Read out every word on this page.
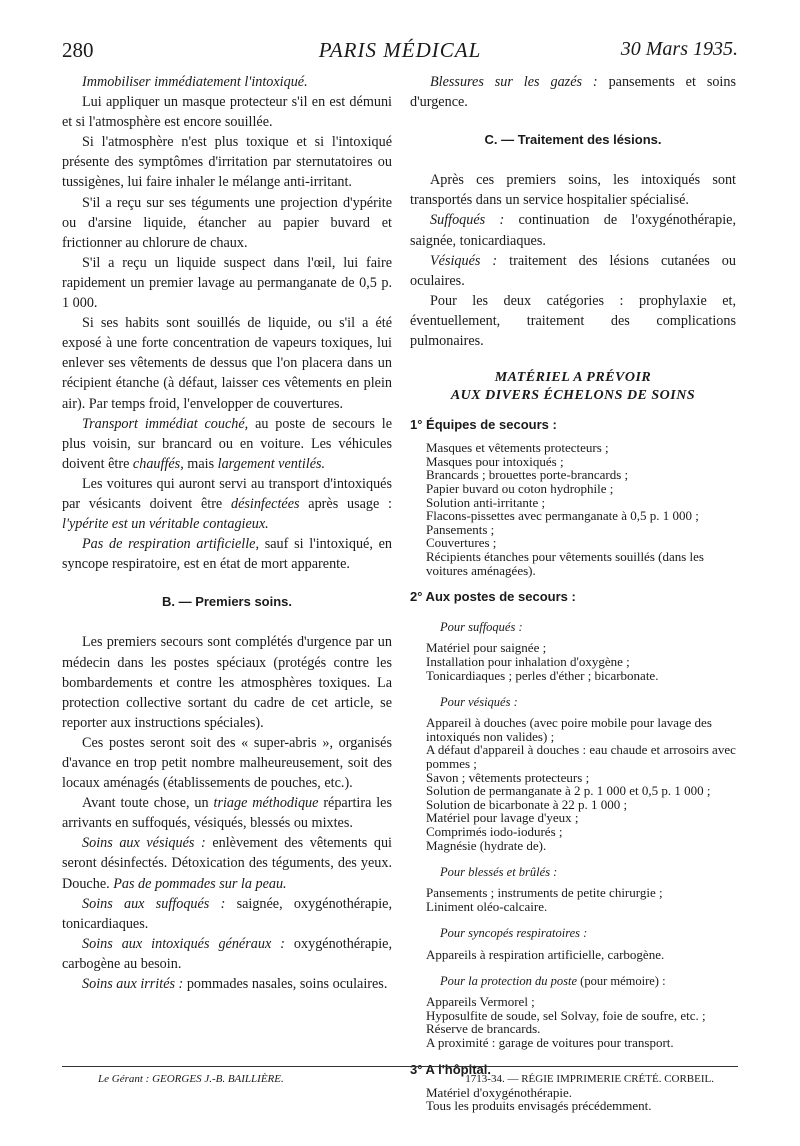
280	PARIS MÉDICAL	30 Mars 1935.

Immobiliser immédiatement l'intoxiqué.

Lui appliquer un masque protecteur s'il en est démuni et si l'atmosphère est encore souillée.

Si l'atmosphère n'est plus toxique et si l'intoxiqué présente des symptômes d'irritation par sternutatoires ou tussigènes, lui faire inhaler le mélange anti-irritant.

S'il a reçu sur ses téguments une projection d'ypérite ou d'arsine liquide, étancher au papier buvard et frictionner au chlorure de chaux.

S'il a reçu un liquide suspect dans l'œil, lui faire rapidement un premier lavage au permanganate de 0,5 p. 1 000.

Si ses habits sont souillés de liquide, ou s'il a été exposé à une forte concentration de vapeurs toxiques, lui enlever ses vêtements de dessus que l'on placera dans un récipient étanche (à défaut, laisser ces vêtements en plein air). Par temps froid, l'envelopper de couvertures.

Transport immédiat couché, au poste de secours le plus voisin, sur brancard ou en voiture. Les véhicules doivent être chauffés, mais largement ventilés.

Les voitures qui auront servi au transport d'intoxiqués par vésicants doivent être désinfectées après usage : l'ypérite est un véritable contagieux.

Pas de respiration artificielle, sauf si l'intoxiqué, en syncope respiratoire, est en état de mort apparente.

B. — Premiers soins.

Les premiers secours sont complétés d'urgence par un médecin dans les postes spéciaux (protégés contre les bombardements et contre les atmosphères toxiques. La protection collective sortant du cadre de cet article, se reporter aux instructions spéciales).

Ces postes seront soit des « super-abris », organisés d'avance en trop petit nombre malheureusement, soit des locaux aménagés (établissements de pouches, etc.).

Avant toute chose, un triage méthodique répartira les arrivants en suffoqués, vésiqués, blessés ou mixtes.

Soins aux vésiqués : enlèvement des vêtements qui seront désinfectés. Détoxication des téguments, des yeux. Douche. Pas de pommades sur la peau.

Soins aux suffoqués : saignée, oxygénothérapie, tonicardiaques.

Soins aux intoxiqués généraux : oxygénothérapie, carbogène au besoin.

Soins aux irrités : pommades nasales, soins oculaires.

Blessures sur les gazés : pansements et soins d'urgence.

C. — Traitement des lésions.

Après ces premiers soins, les intoxiqués sont transportés dans un service hospitalier spécialisé.

Suffoqués : continuation de l'oxygénothérapie, saignée, tonicardiaques.

Vésiqués : traitement des lésions cutanées ou oculaires.

Pour les deux catégories : prophylaxie et, éventuellement, traitement des complications pulmonaires.

MATÉRIEL A PRÉVOIR
AUX DIVERS ÉCHELONS DE SOINS

1° Équipes de secours :

Masques et vêtements protecteurs ;

Masques pour intoxiqués ;

Brancards ; brouettes porte-brancards ;

Papier buvard ou coton hydrophile ;

Solution anti-irritante ;

Flacons-pissettes avec permanganate à 0,5 p. 1 000 ;

Pansements ;

Couvertures ;

Récipients étanches pour vêtements souillés (dans les voitures aménagées).

2° Aux postes de secours :

Pour suffoqués :

Matériel pour saignée ;

Installation pour inhalation d'oxygène ;

Tonicardiaques ; perles d'éther ; bicarbonate.

Pour vésiqués :

Appareil à douches (avec poire mobile pour lavage des intoxiqués non valides) ;

A défaut d'appareil à douches : eau chaude et arrosoirs avec pommes ;

Savon ; vêtements protecteurs ;

Solution de permanganate à 2 p. 1 000 et 0,5 p. 1 000 ;

Solution de bicarbonate à 22 p. 1 000 ;

Matériel pour lavage d'yeux ;

Comprimés iodo-iodurés ;

Magnésie (hydrate de).

Pour blessés et brûlés :

Pansements ; instruments de petite chirurgie ;

Liniment oléo-calcaire.

Pour syncopés respiratoires :

Appareils à respiration artificielle, carbogène.

Pour la protection du poste (pour mémoire) :

Appareils Vermorel ;

Hyposulfite de soude, sel Solvay, foie de soufre, etc. ;

Réserve de brancards.

A proximité : garage de voitures pour transport.

3° A l'hôpital.

Matériel d'oxygénothérapie.

Tous les produits envisagés précédemment.

Le Gérant : GEORGES J.-B. BAILLIÈRE.	1713-34. — RÉGIE IMPRIMERIE CRÉTÉ. CORBEIL.
